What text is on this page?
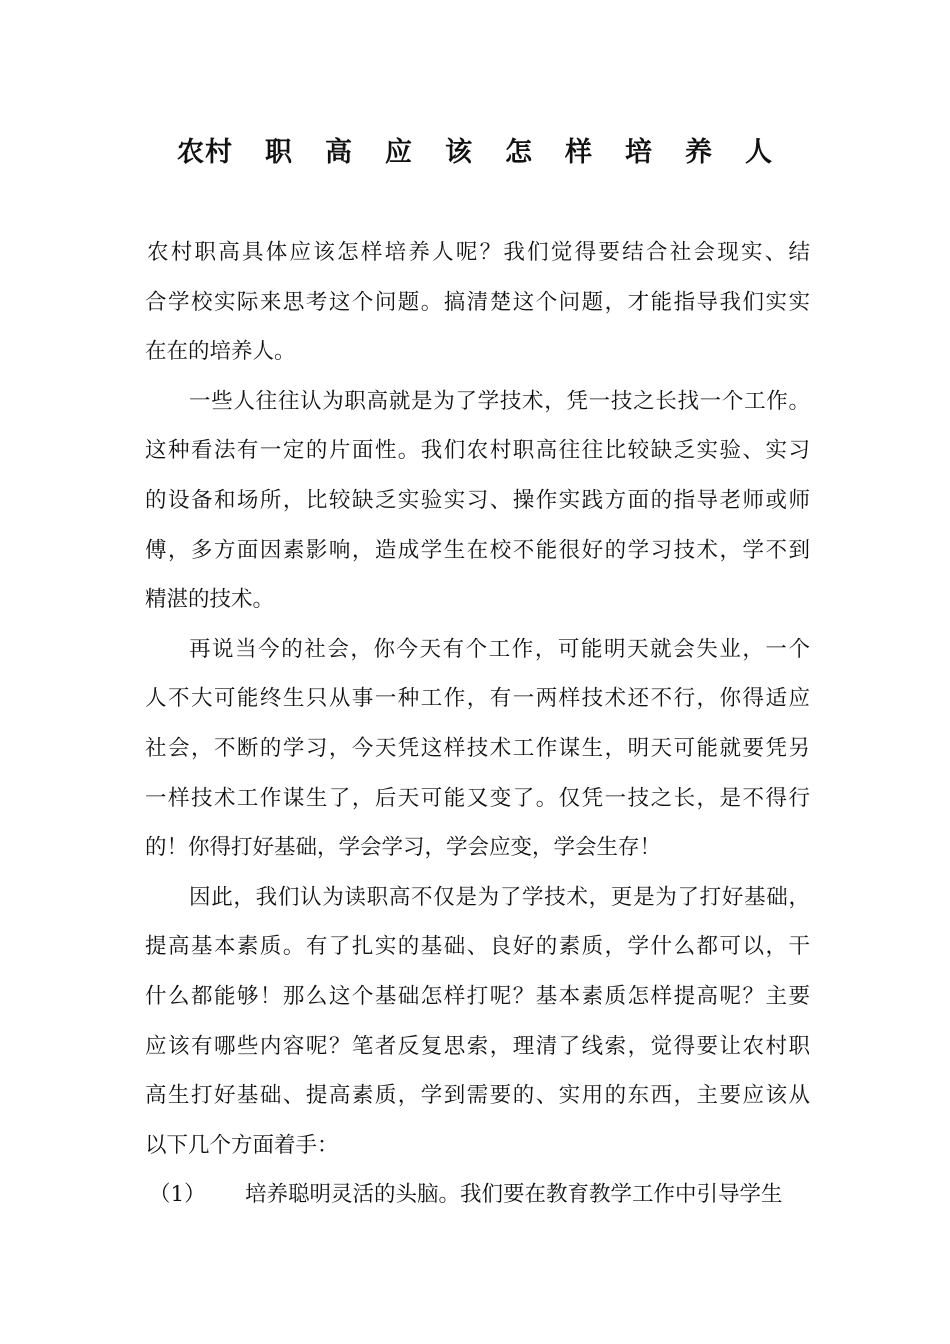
农村 职 高 应 该 怎 样 培 养 人
农村职高具体应该怎样培养人呢？我们觉得要结合社会现实、结
合学校实际来思考这个问题。搞清楚这个问题，才能指导我们实实
在在的培养人。
一些人往往认为职高就是为了学技术，凭一技之长找一个工作。
这种看法有一定的片面性。我们农村职高往往比较缺乏实验、实习
的设备和场所，比较缺乏实验实习、操作实践方面的指导老师或师
傅，多方面因素影响，造成学生在校不能很好的学习技术，学不到
精湛的技术。
再说当今的社会，你今天有个工作，可能明天就会失业，一个
人不大可能终生只从事一种工作，有一两样技术还不行，你得适应
社会，不断的学习，今天凭这样技术工作谋生，明天可能就要凭另
一样技术工作谋生了，后天可能又变了。仅凭一技之长，是不得行
的！你得打好基础，学会学习，学会应变，学会生存！
因此，我们认为读职高不仅是为了学技术，更是为了打好基础，
提高基本素质。有了扎实的基础、良好的素质，学什么都可以，干
什么都能够！那么这个基础怎样打呢？基本素质怎样提高呢？主要
应该有哪些内容呢？笔者反复思索，理清了线索，觉得要让农村职
高生打好基础、提高素质，学到需要的、实用的东西，主要应该从
以下几个方面着手：
（1） 培养聪明灵活的头脑。我们要在教育教学工作中引导学生
